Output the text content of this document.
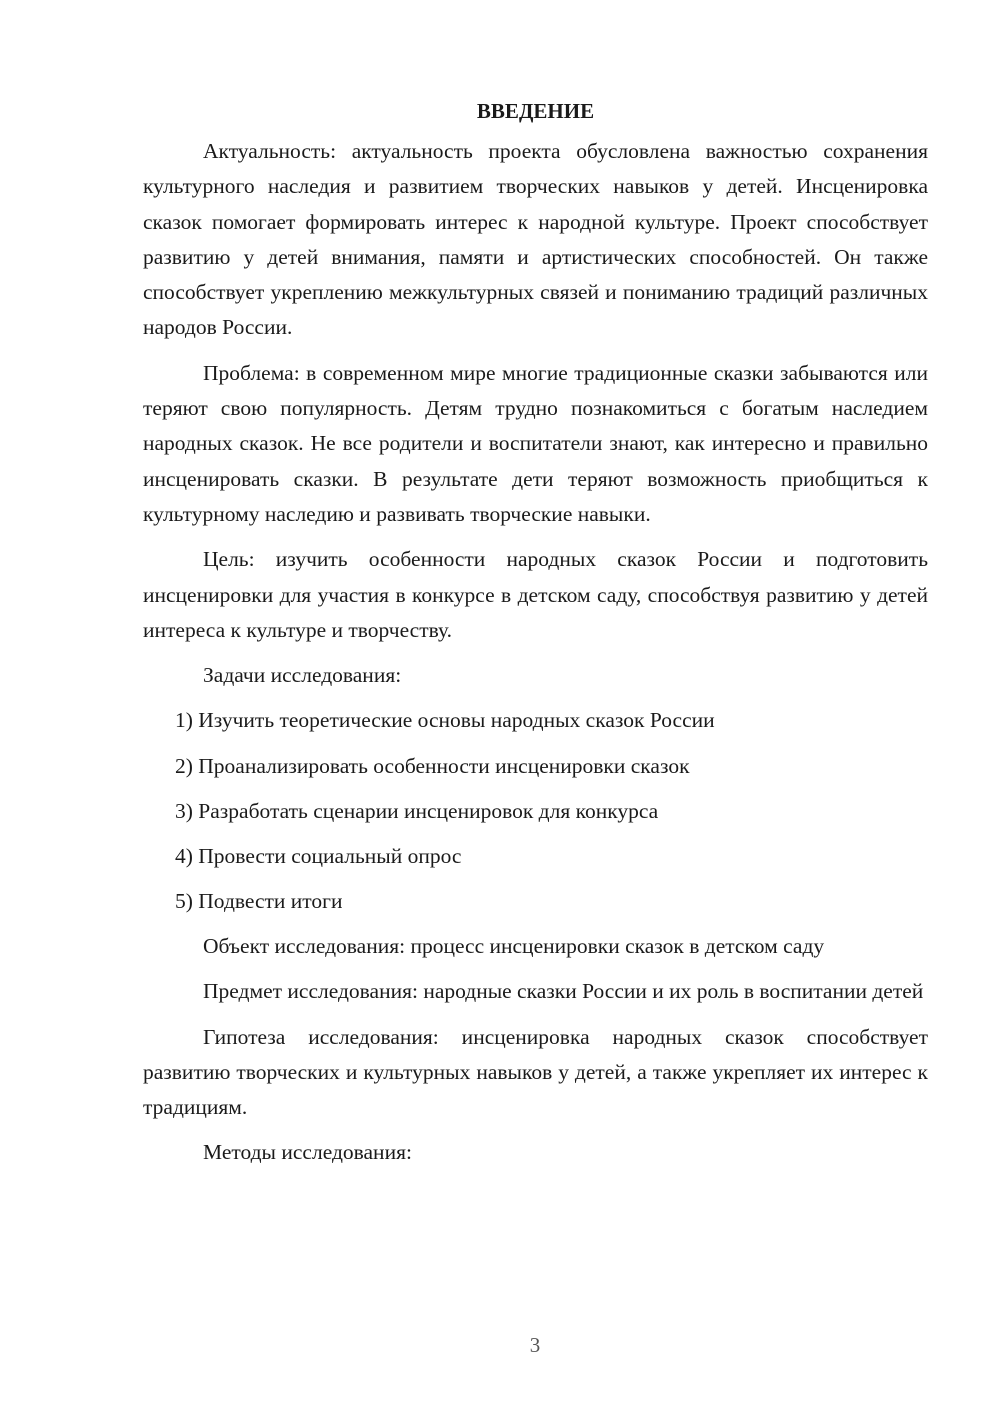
ВВЕДЕНИЕ

Актуальность: актуальность проекта обусловлена важностью сохранения культурного наследия и развитием творческих навыков у детей. Инсценировка сказок помогает формировать интерес к народной культуре. Проект способствует развитию у детей внимания, памяти и артистических способностей. Он также способствует укреплению межкультурных связей и пониманию традиций различных народов России.

Проблема: в современном мире многие традиционные сказки забываются или теряют свою популярность. Детям трудно познакомиться с богатым наследием народных сказок. Не все родители и воспитатели знают, как интересно и правильно инсценировать сказки. В результате дети теряют возможность приобщиться к культурному наследию и развивать творческие навыки.

Цель: изучить особенности народных сказок России и подготовить инсценировки для участия в конкурсе в детском саду, способствуя развитию у детей интереса к культуре и творчеству.

Задачи исследования:

1) Изучить теоретические основы народных сказок России
2) Проанализировать особенности инсценировки сказок
3) Разработать сценарии инсценировок для конкурса
4) Провести социальный опрос
5) Подвести итоги

Объект исследования: процесс инсценировки сказок в детском саду

Предмет исследования: народные сказки России и их роль в воспитании детей

Гипотеза исследования: инсценировка народных сказок способствует развитию творческих и культурных навыков у детей, а также укрепляет их интерес к традициям.

Методы исследования:

3
